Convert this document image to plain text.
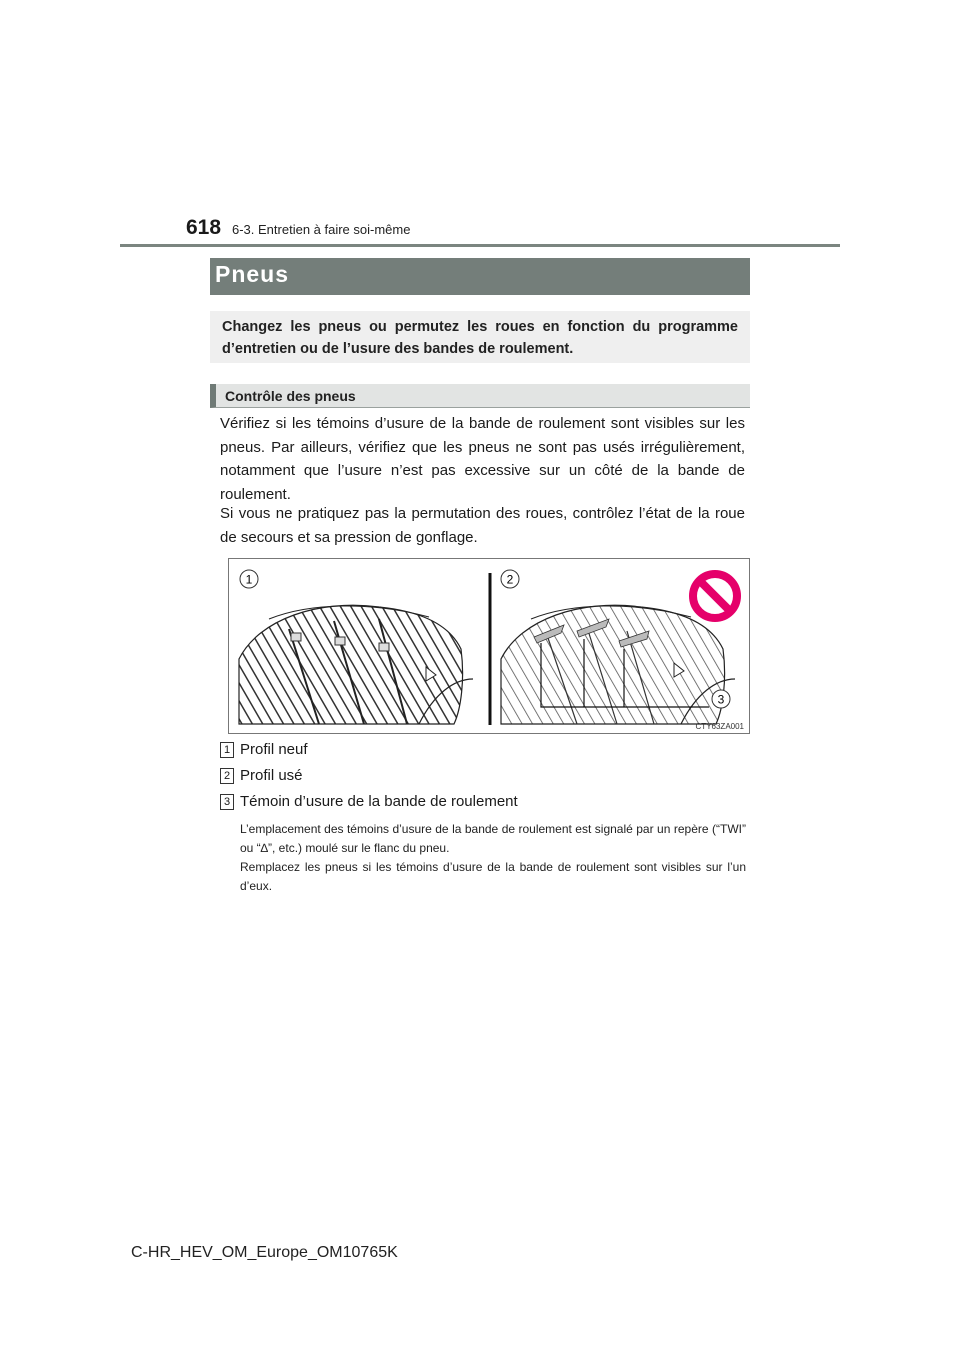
618 6-3. Entretien à faire soi-même
Pneus

Changez les pneus ou permutez les roues en fonction du programme d’entretien ou de l’usure des bandes de roulement.

Contrôle des pneus

Vérifiez si les témoins d’usure de la bande de roulement sont visibles sur les pneus. Par ailleurs, vérifiez que les pneus ne sont pas usés irrégulièrement, notamment que l’usure n’est pas excessive sur un côté de la bande de roulement.

Si vous ne pratiquez pas la permutation des roues, contrôlez l’état de la roue de secours et sa pression de gonflage.

1	2
3
CTY63ZA001
1 Profil neuf
2 Profil usé
3 Témoin d’usure de la bande de roulement

L’emplacement des témoins d’usure de la bande de roulement est signalé par un repère (“TWI” ou “∆”, etc.) moulé sur le flanc du pneu.

Remplacez les pneus si les témoins d’usure de la bande de roulement sont visibles sur l’un d’eux.

C-HR_HEV_OM_Europe_OM10765K
